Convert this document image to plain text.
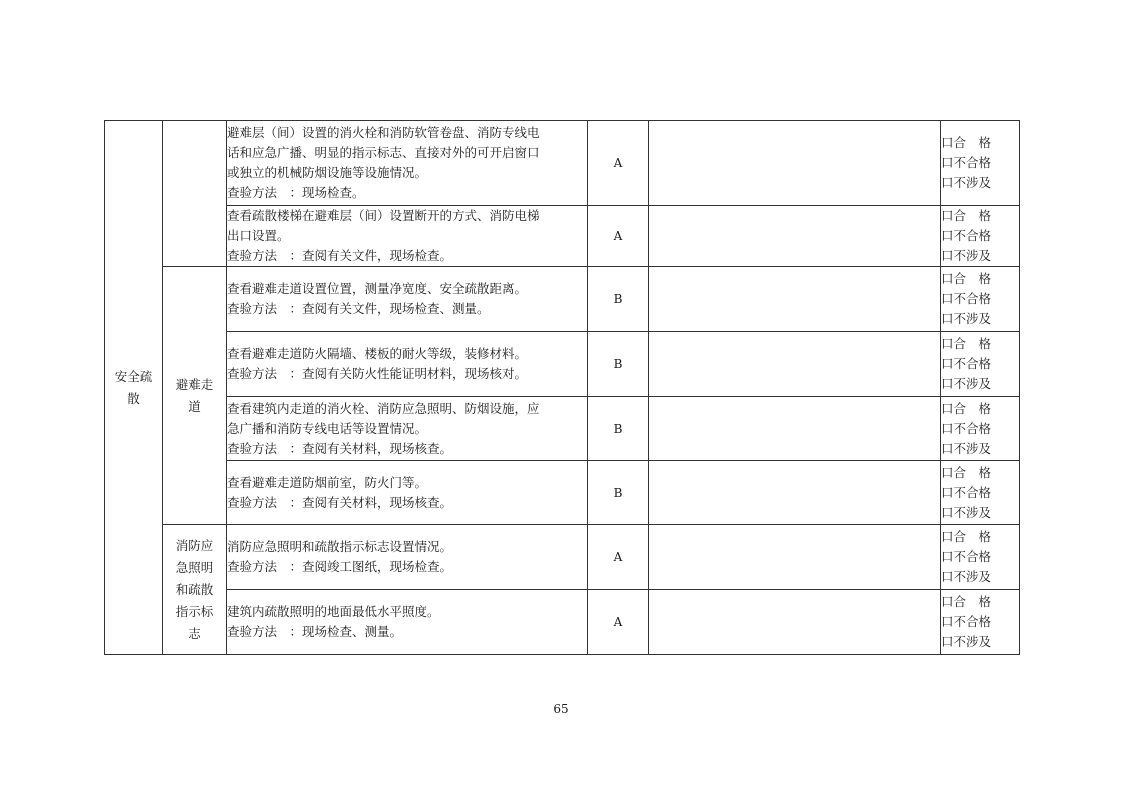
安全疏
散		避难层（间）设置的消火栓和消防软管卷盘、消防专线电
话和应急广播、明显的指示标志、直接对外的可开启窗口
或独立的机械防烟设施等设施情况。
查验方法　：现场检查。	A		口合　格
口不合格
口不涉及

		查看疏散楼梯在避难层（间）设置断开的方式、消防电梯
出口设置。
查验方法　：查阅有关文件，现场检查。	A		口合　格
口不合格
口不涉及

	避难走
道	查看避难走道设置位置，测量净宽度、安全疏散距离。
查验方法　：查阅有关文件，现场检查、测量。	B		口合　格
口不合格
口不涉及

		查看避难走道防火隔墙、楼板的耐火等级，装修材料。
查验方法　：查阅有关防火性能证明材料，现场核对。	B		口合　格
口不合格
口不涉及

		查看建筑内走道的消火栓、消防应急照明、防烟设施，应
急广播和消防专线电话等设置情况。
查验方法　：查阅有关材料，现场核查。	B		口合　格
口不合格
口不涉及

		查看避难走道防烟前室，防火门等。
查验方法　：查阅有关材料，现场核查。	B		口合　格
口不合格
口不涉及

	消防应
急照明
和疏散
指示标
志	消防应急照明和疏散指示标志设置情况。
查验方法　：查阅竣工图纸，现场检查。	A		口合　格
口不合格
口不涉及

		建筑内疏散照明的地面最低水平照度。
查验方法　：现场检查、测量。	A		口合　格
口不合格
口不涉及
65
